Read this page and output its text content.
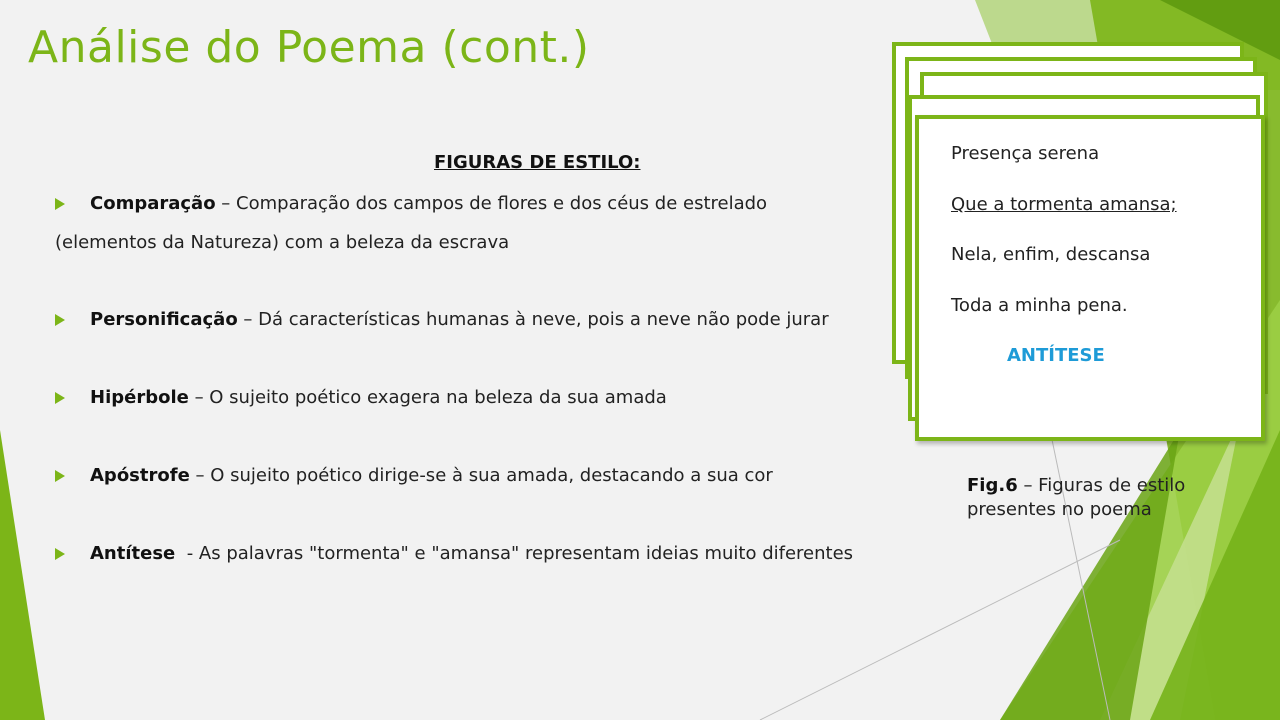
Análise do Poema (cont.)
FIGURAS DE ESTILO:
Comparação – Comparação dos campos de flores e dos céus de estrelado
(elementos da Natureza) com a beleza da escrava
Personificação – Dá características humanas à neve, pois a neve não pode jurar
Hipérbole – O sujeito poético exagera na beleza da sua amada
Apóstrofe – O sujeito poético dirige-se à sua amada, destacando a sua cor
Antítese  - As palavras "tormenta" e "amansa" representam ideias muito diferentes
Presença serena
Que a tormenta amansa;
Nela, enfim, descansa
Toda a minha pena.
ANTÍTESE
Fig.6 – Figuras de estilo presentes no poema
